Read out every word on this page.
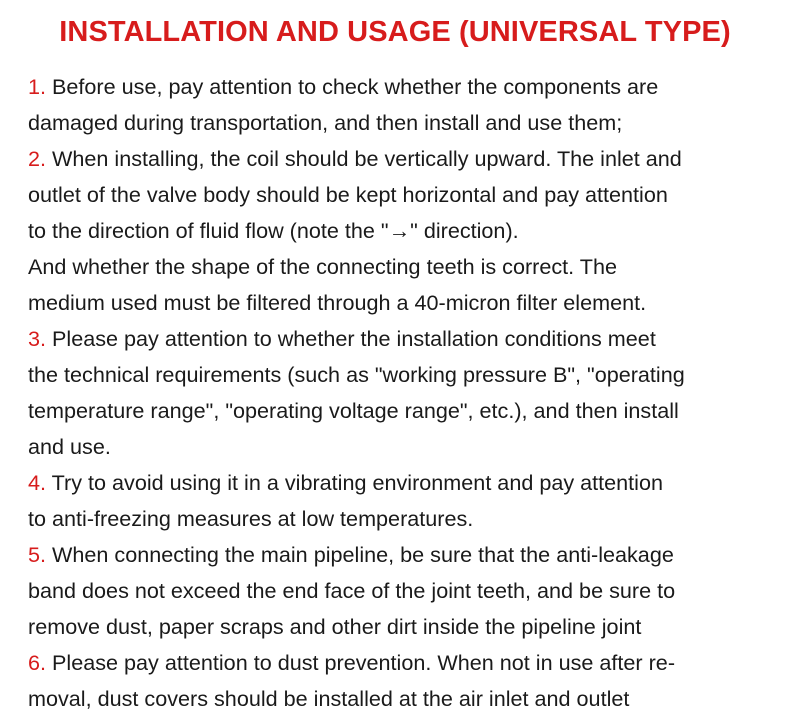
INSTALLATION AND USAGE (UNIVERSAL TYPE)
1. Before use, pay attention to check whether the components are
damaged during transportation, and then install and use them;
2. When installing, the coil should be vertically upward. The inlet and
outlet of the valve body should be kept horizontal and pay attention
to the direction of fluid flow (note the "→" direction).
And whether the shape of the connecting teeth is correct. The
medium used must be filtered through a 40-micron filter element.
3. Please pay attention to whether the installation conditions meet
the technical requirements (such as "working pressure B", "operating
temperature range", "operating voltage range", etc.), and then install
and use.
4. Try to avoid using it in a vibrating environment and pay attention
to anti-freezing measures at low temperatures.
5. When connecting the main pipeline, be sure that the anti-leakage
band does not exceed the end face of the joint teeth, and be sure to
remove dust, paper scraps and other dirt inside the pipeline joint
6. Please pay attention to dust prevention. When not in use after re-
moval, dust covers should be installed at the air inlet and outlet
